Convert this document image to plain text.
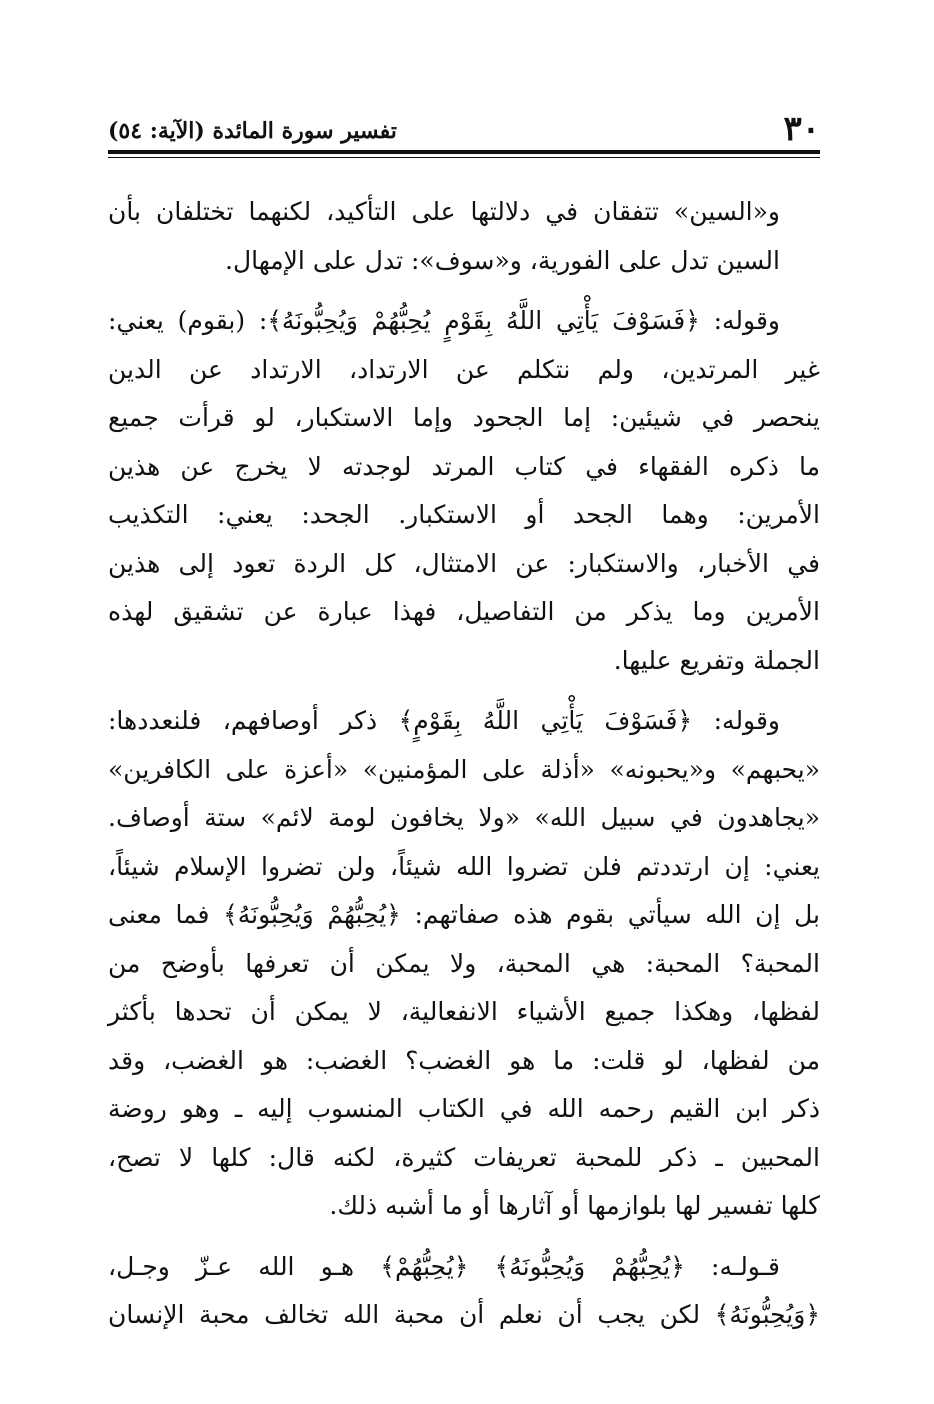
٣٠
تفسير سورة المائدة (الآية: ٥٤)

و«السين» تتفقان في دلالتها على التأكيد، لكنهما تختلفان بأن
السين تدل على الفورية، و«سوف»: تدل على الإمهال.

وقوله: ﴿فَسَوْفَ يَأْتِي اللَّهُ بِقَوْمٍ يُحِبُّهُمْ وَيُحِبُّونَهُ﴾: (بقوم) يعني:
غير المرتدين، ولم نتكلم عن الارتداد، الارتداد عن الدين
ينحصر في شيئين: إما الجحود وإما الاستكبار، لو قرأت جميع
ما ذكره الفقهاء في كتاب المرتد لوجدته لا يخرج عن هذين
الأمرين: وهما الجحد أو الاستكبار. الجحد: يعني: التكذيب
في الأخبار، والاستكبار: عن الامتثال، كل الردة تعود إلى هذين
الأمرين وما يذكر من التفاصيل، فهذا عبارة عن تشقيق لهذه
الجملة وتفريع عليها.

وقوله: ﴿فَسَوْفَ يَأْتِي اللَّهُ بِقَوْمٍ﴾ ذكر أوصافهم، فلنعددها:
«يحبهم» و«يحبونه» «أذلة على المؤمنين» «أعزة على الكافرين»
«يجاهدون في سبيل الله» «ولا يخافون لومة لائم» ستة أوصاف.
يعني: إن ارتددتم فلن تضروا الله شيئاً، ولن تضروا الإسلام شيئاً،
بل إن الله سيأتي بقوم هذه صفاتهم: ﴿يُحِبُّهُمْ وَيُحِبُّونَهُ﴾ فما معنى
المحبة؟ المحبة: هي المحبة، ولا يمكن أن تعرفها بأوضح من
لفظها، وهكذا جميع الأشياء الانفعالية، لا يمكن أن تحدها بأكثر
من لفظها، لو قلت: ما هو الغضب؟ الغضب: هو الغضب، وقد
ذكر ابن القيم رحمه الله في الكتاب المنسوب إليه ـ وهو روضة
المحبين ـ ذكر للمحبة تعريفات كثيرة، لكنه قال: كلها لا تصح،
كلها تفسير لها بلوازمها أو آثارها أو ما أشبه ذلك.

قـولـه: ﴿يُحِبُّهُمْ وَيُحِبُّونَهُ﴾ ﴿يُحِبُّهُمْ﴾ هـو الله عـزّ وجـل،
﴿وَيُحِبُّونَهُ﴾ لكن يجب أن نعلم أن محبة الله تخالف محبة الإنسان
